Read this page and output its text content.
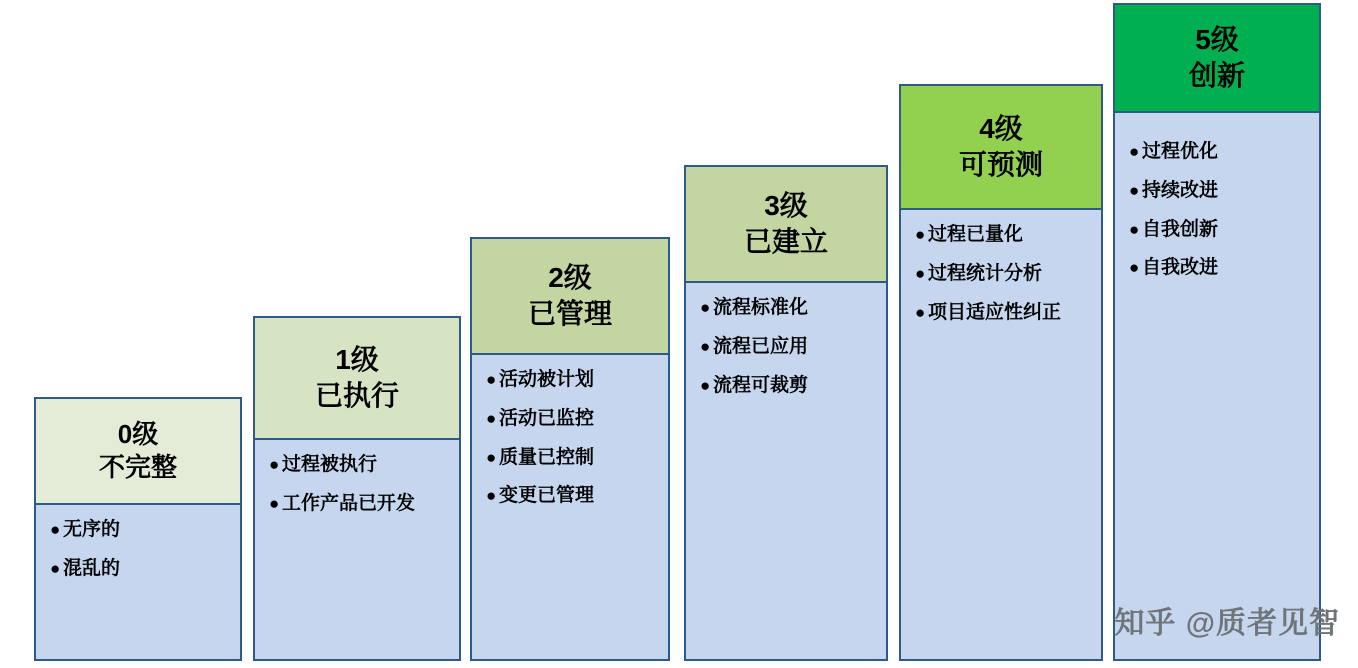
0级
不完整
● 无序的
● 混乱的
1级
已执行
● 过程被执行
● 工作产品已开发
2级
已管理
● 活动被计划
● 活动已监控
● 质量已控制
● 变更已管理
3级
已建立
● 流程标准化
● 流程已应用
● 流程可裁剪
4级
可预测
● 过程已量化
● 过程统计分析
● 项目适应性纠正
5级
创新
● 过程优化
● 持续改进
● 自我创新
● 自我改进
知乎 @质者见智
